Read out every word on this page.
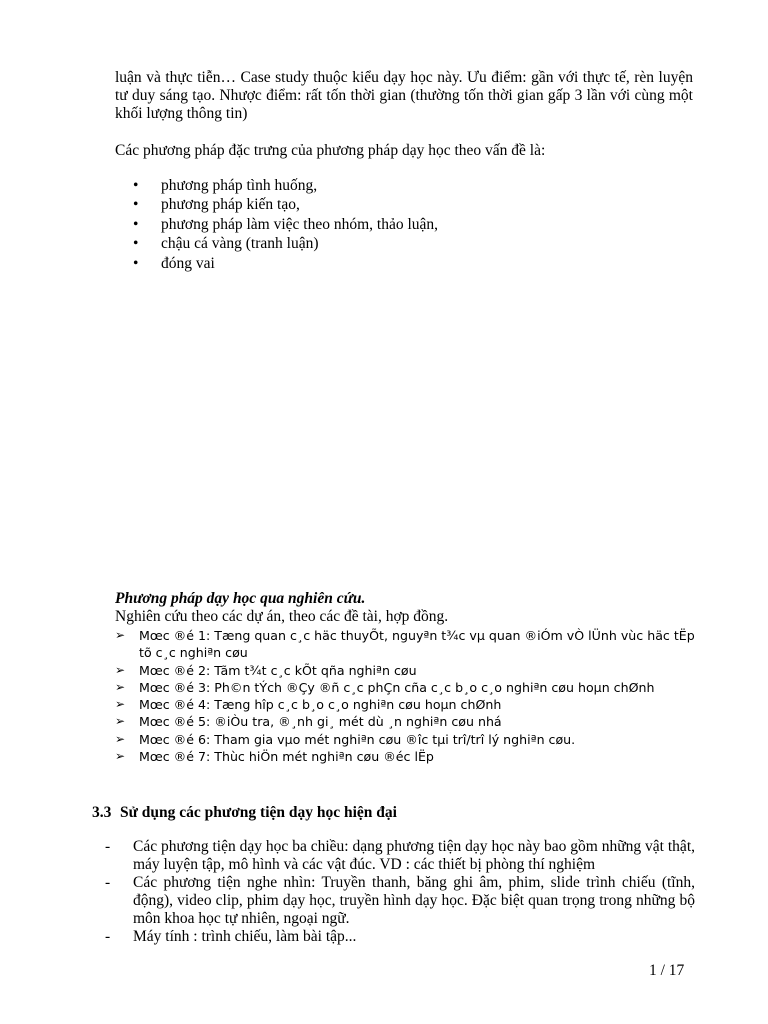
luận và thực tiễn… Case study thuộc kiểu dạy học này. Ưu điểm: gần với thực tế, rèn luyện tư duy sáng tạo. Nhược điểm: rất tốn thời gian (thường tốn thời gian gấp 3 lần với cùng một khối lượng thông tin)

Các phương pháp đặc trưng của phương pháp dạy học theo vấn đề là:

• phương pháp tình huống,
• phương pháp kiến tạo,
• phương pháp làm việc theo nhóm, thảo luận,
• chậu cá vàng (tranh luận)
• đóng vai

Phương pháp dạy học qua nghiên cứu.

Nghiên cứu theo các dự án, theo các đề tài, hợp đồng.

➢ Mœc ®é 1: Tæng quan c¸c häc thuyÕt, nguyªn t¾c vµ quan ®iÓm vÒ lÜnh vùc häc tËp tõ c¸c nghiªn cøu
➢ Mœc ®é 2: Tãm t¾t c¸c kÕt qña nghiªn cøu
➢ Mœc ®é 3: Ph©n tÝch ®Çy ®ñ c¸c phÇn cña c¸c b¸o c¸o nghiªn cøu hoµn chØnh
➢ Mœc ®é 4: Tæng hîp c¸c b¸o c¸o nghiªn cøu hoµn chØnh
➢ Mœc ®é 5: ®iÒu tra, ®¸nh gi¸ mét dù ¸n nghiªn cøu nhá
➢ Mœc ®é 6: Tham gia vµo mét nghiªn cøu ®îc tµi trî/trî lý nghiªn cøu.
➢ Mœc ®é 7: Thùc hiÖn mét nghiªn cøu ®éc lËp

3.3 Sử dụng các phương tiện dạy học hiện đại

- Các phương tiện dạy học ba chiều: dạng phương tiện dạy học này bao gồm những vật thật, máy luyện tập, mô hình và các vật đúc. VD : các thiết bị phòng thí nghiệm
- Các phương tiện nghe nhìn: Truyền thanh, băng ghi âm, phim, slide trình chiếu (tĩnh, động), video clip, phim dạy học, truyền hình dạy học. Đặc biệt quan trọng trong những bộ môn khoa học tự nhiên, ngoại ngữ.
- Máy tính : trình chiếu, làm bài tập...

1 / 17
